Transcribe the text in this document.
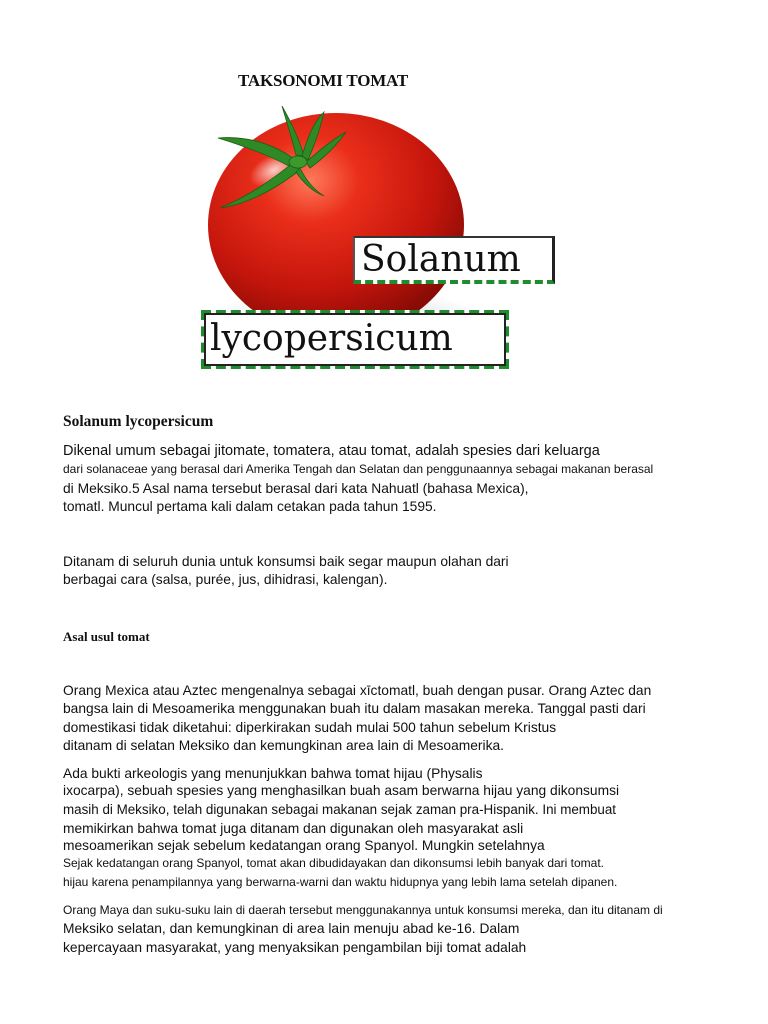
TAKSONOMI TOMAT
Solanum
lycopersicum
Solanum lycopersicum
Dikenal umum sebagai jitomate, tomatera, atau tomat, adalah spesies dari keluarga
dari solanaceae yang berasal dari Amerika Tengah dan Selatan dan penggunaannya sebagai makanan berasal
di Meksiko.5 Asal nama tersebut berasal dari kata Nahuatl (bahasa Mexica),
tomatl. Muncul pertama kali dalam cetakan pada tahun 1595.
Ditanam di seluruh dunia untuk konsumsi baik segar maupun olahan dari
berbagai cara (salsa, purée, jus, dihidrasi, kalengan).
Asal usul tomat
Orang Mexica atau Aztec mengenalnya sebagai xīctomatl, buah dengan pusar. Orang Aztec dan
bangsa lain di Mesoamerika menggunakan buah itu dalam masakan mereka. Tanggal pasti dari
domestikasi tidak diketahui: diperkirakan sudah mulai 500 tahun sebelum Kristus
ditanam di selatan Meksiko dan kemungkinan area lain di Mesoamerika.
Ada bukti arkeologis yang menunjukkan bahwa tomat hijau (Physalis
ixocarpa), sebuah spesies yang menghasilkan buah asam berwarna hijau yang dikonsumsi
masih di Meksiko, telah digunakan sebagai makanan sejak zaman pra-Hispanik. Ini membuat
memikirkan bahwa tomat juga ditanam dan digunakan oleh masyarakat asli
mesoamerikan sejak sebelum kedatangan orang Spanyol. Mungkin setelahnya
Sejak kedatangan orang Spanyol, tomat akan dibudidayakan dan dikonsumsi lebih banyak dari tomat.
hijau karena penampilannya yang berwarna-warni dan waktu hidupnya yang lebih lama setelah dipanen.
Orang Maya dan suku-suku lain di daerah tersebut menggunakannya untuk konsumsi mereka, dan itu ditanam di
Meksiko selatan, dan kemungkinan di area lain menuju abad ke-16. Dalam
kepercayaan masyarakat, yang menyaksikan pengambilan biji tomat adalah
